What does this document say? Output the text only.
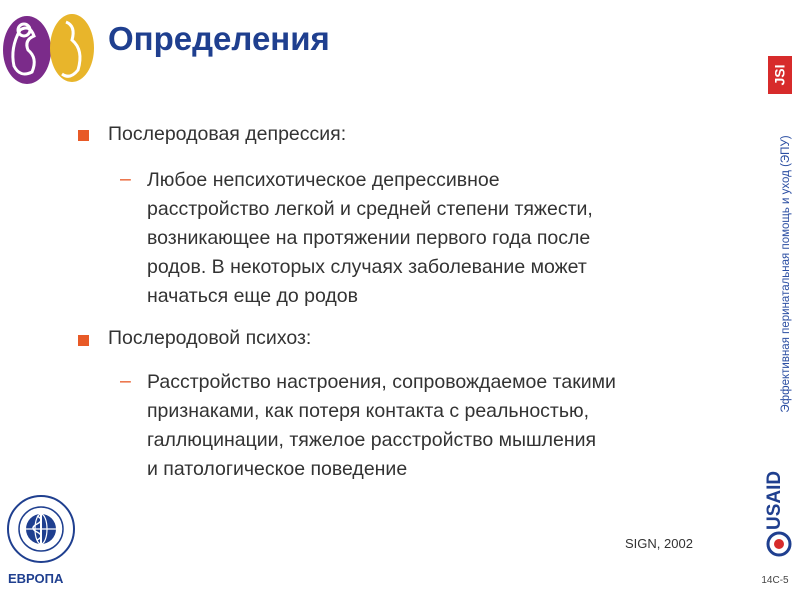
Определения
JSI
Эффективная перинатальная помощь и уход (ЭПУ)
Послеродовая депрессия:
– Любое непсихотическое депрессивное
расстройство легкой и средней степени тяжести,
возникающее на протяжении первого года после
родов. В некоторых случаях заболевание может
начаться еще до родов
Послеродовой психоз:
– Расстройство настроения, сопровождаемое такими
признаками, как потеря контакта с реальностью,
галлюцинации, тяжелое расстройство мышления
и патологическое поведение
SIGN, 2002
ЕВРОПА
USAID
14С-5
